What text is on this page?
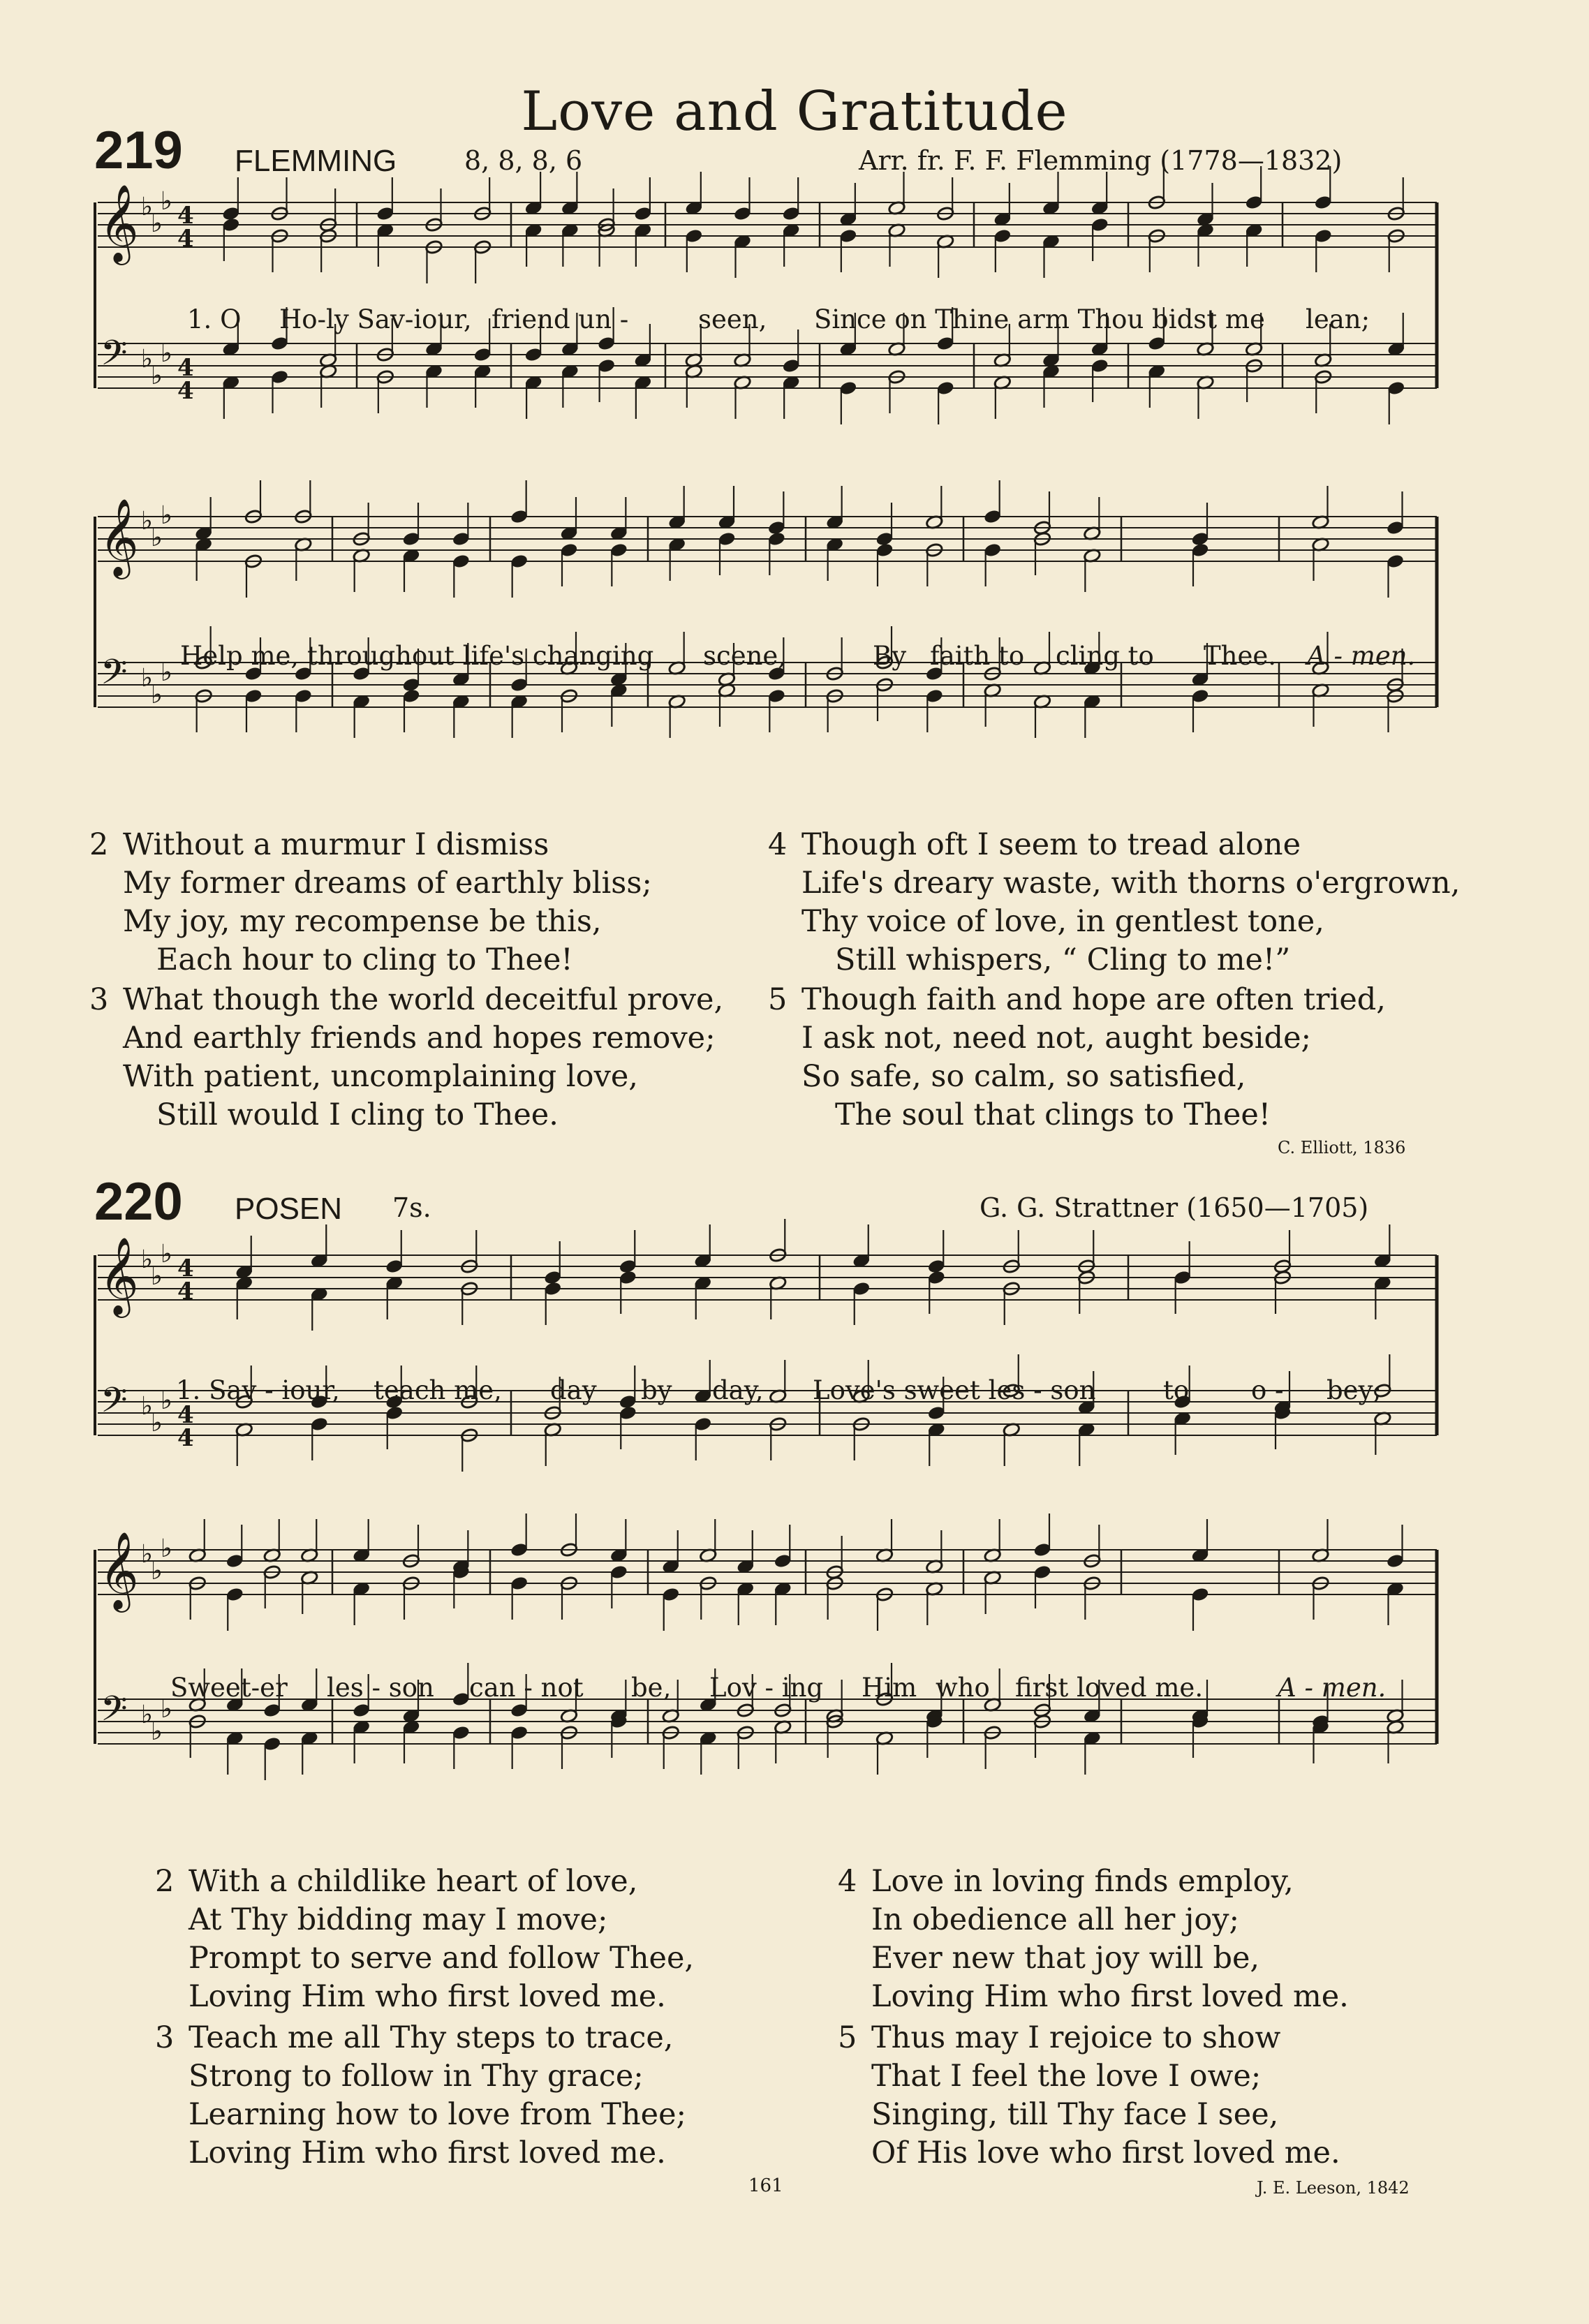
𝄞
𝄢
♭
♭
♭ 4
4
♭
♭
♭ 4
4
𝄞
𝄢
♭
♭
♭
♭
♭
♭
𝄞
𝄢
♭
♭
♭ 4
4
♭
♭
♭ 4
4
𝄞
𝄢
♭
♭
♭
♭
♭
♭
Love and Gratitude
219 FLEMMING	8, 8, 8, 6	Arr. fr. F. F. Flemming (1778—1832)
1. O Ho-ly Sav-iour, friend un -	seen, Since on Thine arm Thou bidst me lean;
Help me, throughout life's changing scene,	By faith to cling to Thee. A - men.
2 Without a murmur I dismiss
My former dreams of earthly bliss;
My joy, my recompense be this,
Each hour to cling to Thee!
3 What though the world deceitful prove,
And earthly friends and hopes remove;
With patient, uncomplaining love,
Still would I cling to Thee.
4 Though oft I seem to tread alone
Life's dreary waste, with thorns o'ergrown,
Thy voice of love, in gentlest tone,
Still whispers, “ Cling to me!”
5 Though faith and hope are often tried,
I ask not, need not, aught beside;
So safe, so calm, so satisfied,
The soul that clings to Thee!
C. Elliott, 1836
220 POSEN 7s.	G. G. Strattner (1650—1705)
1. Sav - iour, teach me, day by day, Love's sweet les - son	to o - bey;
Sweet-er les - son can - not be, Lov - ing Him who first loved me.	A - men.
2 With a childlike heart of love,
At Thy bidding may I move;
Prompt to serve and follow Thee,
Loving Him who first loved me.
3 Teach me all Thy steps to trace,
Strong to follow in Thy grace;
Learning how to love from Thee;
Loving Him who first loved me.
4 Love in loving finds employ,
In obedience all her joy;
Ever new that joy will be,
Loving Him who first loved me.
5 Thus may I rejoice to show
That I feel the love I owe;
Singing, till Thy face I see,
Of His love who first loved me.
161	J. E. Leeson, 1842
